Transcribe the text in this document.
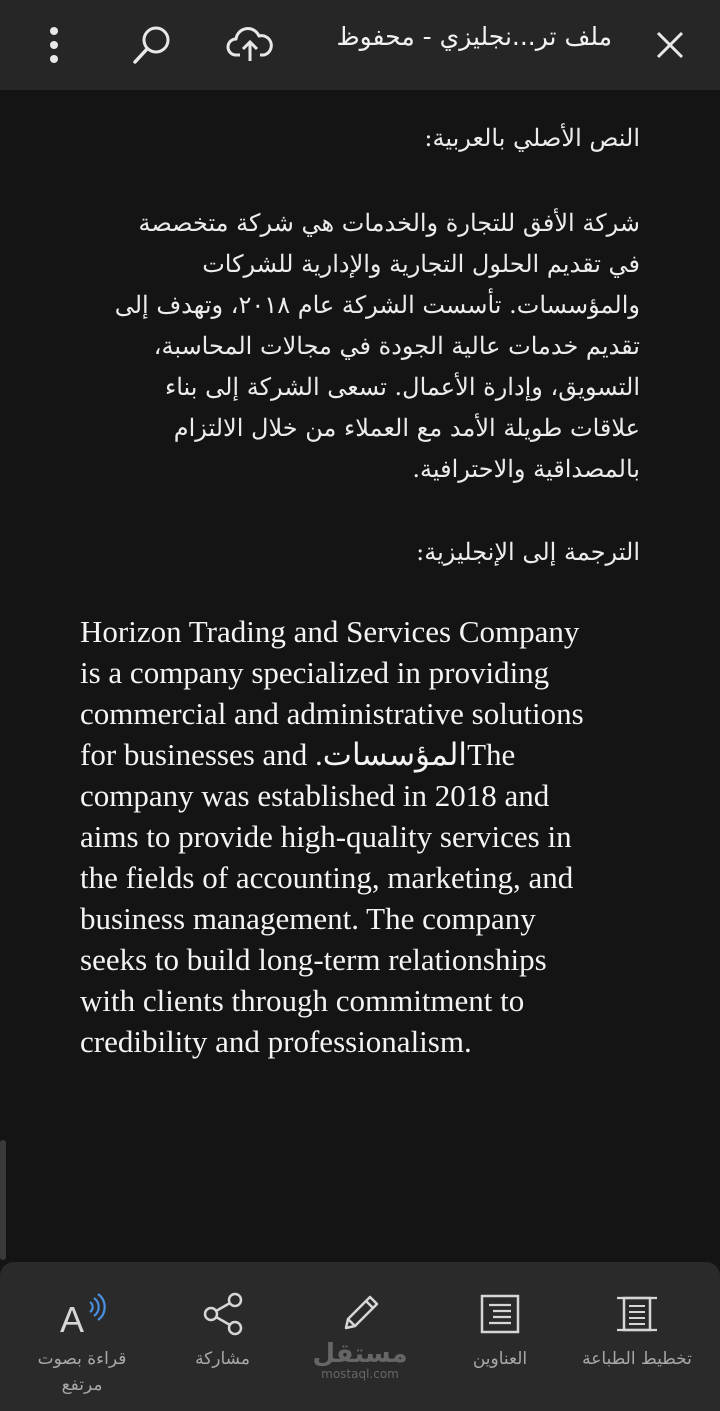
ملف تر...نجليزي - محفوظ

النص الأصلي بالعربية:

شركة الأفق للتجارة والخدمات هي شركة متخصصة
في تقديم الحلول التجارية والإدارية للشركات
والمؤسسات. تأسست الشركة عام ٢٠١٨، وتهدف إلى
تقديم خدمات عالية الجودة في مجالات المحاسبة،
التسويق، وإدارة الأعمال. تسعى الشركة إلى بناء
علاقات طويلة الأمد مع العملاء من خلال الالتزام
بالمصداقية والاحترافية.

الترجمة إلى الإنجليزية:

Horizon Trading and Services Company
is a company specialized in providing
commercial and administrative solutions
for businesses and .المؤسساتThe
company was established in 2018 and
aims to provide high-quality services in
the fields of accounting, marketing, and
business management. The company
seeks to build long-term relationships
with clients through commitment to
credibility and professionalism.
A
قراءة بصوت
مرتفع
مشاركة	العناوين	تخطيط الطباعة
مستقل
mostaql.com
